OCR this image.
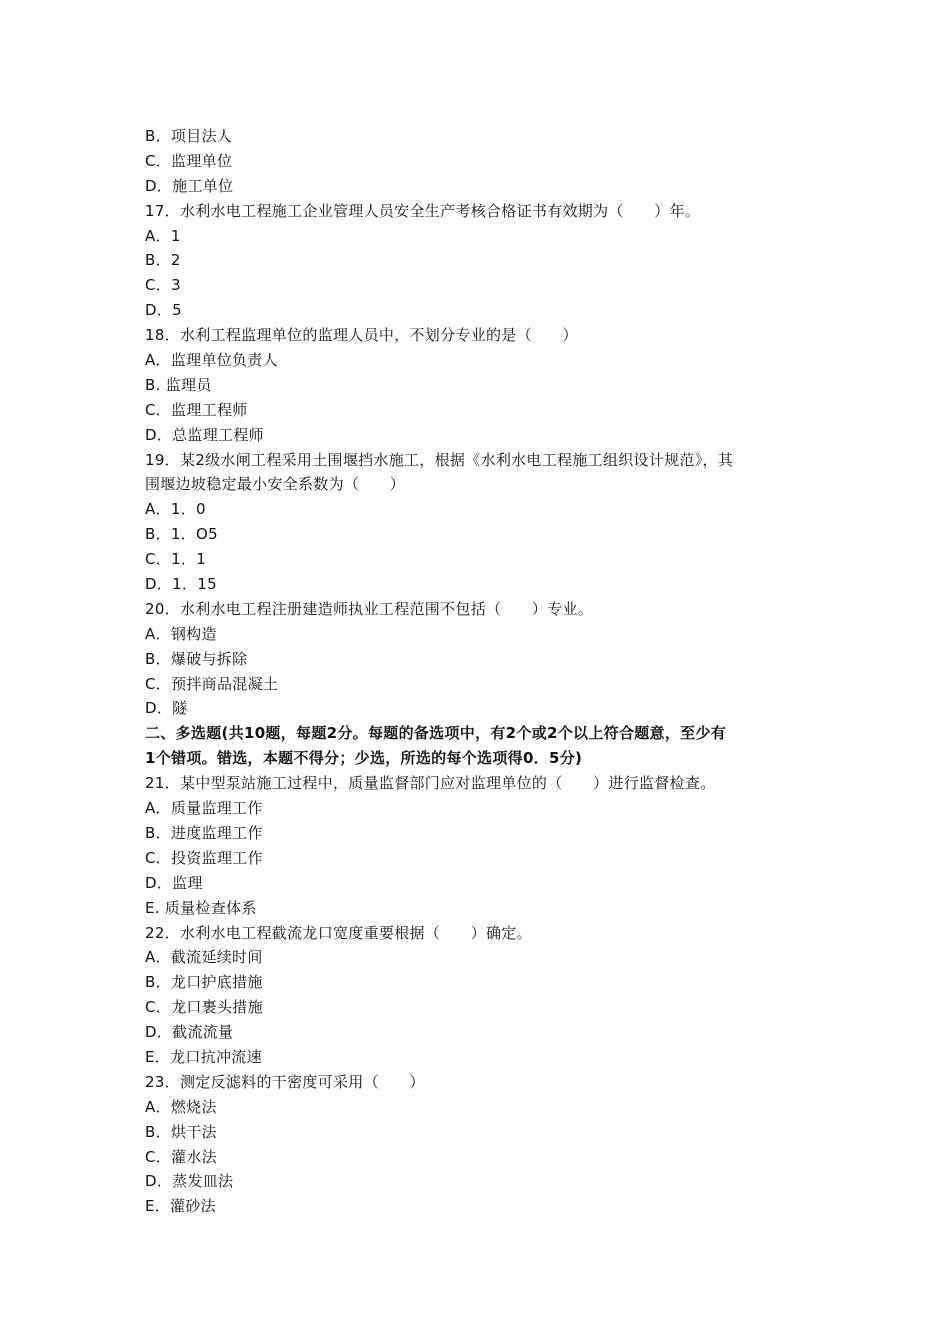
B．项目法人
C．监理单位
D．施工单位
17．水利水电工程施工企业管理人员安全生产考核合格证书有效期为（　　）年。
A．1
B．2
C．3
D．5
18．水利工程监理单位的监理人员中，不划分专业的是（　　）
A．监理单位负责人
B. 监理员
C．监理工程师
D．总监理工程师
19．某2级水闸工程采用土围堰挡水施工，根据《水利水电工程施工组织设计规范》，其
围堰边坡稳定最小安全系数为（　　）
A．1．0
B．1．O5
C．1．1
D．1．15
20．水利水电工程注册建造师执业工程范围不包括（　　）专业。
A．钢构造
B．爆破与拆除
C．预拌商品混凝土
D．隧
二、多选题(共10题，每题2分。每题的备选项中，有2个或2个以上符合题意，至少有
1个错项。错选，本题不得分；少选，所选的每个选项得0．5分)
21．某中型泵站施工过程中，质量监督部门应对监理单位的（　　）进行监督检查。
A．质量监理工作
B．进度监理工作
C．投资监理工作
D．监理
E. 质量检查体系
22．水利水电工程截流龙口宽度重要根据（　　）确定。
A．截流延续时间
B．龙口护底措施
C．龙口裹头措施
D．截流流量
E．龙口抗冲流速
23．测定反滤料的干密度可采用（　　）
A．燃烧法
B．烘干法
C．灌水法
D．蒸发皿法
E．灌砂法
